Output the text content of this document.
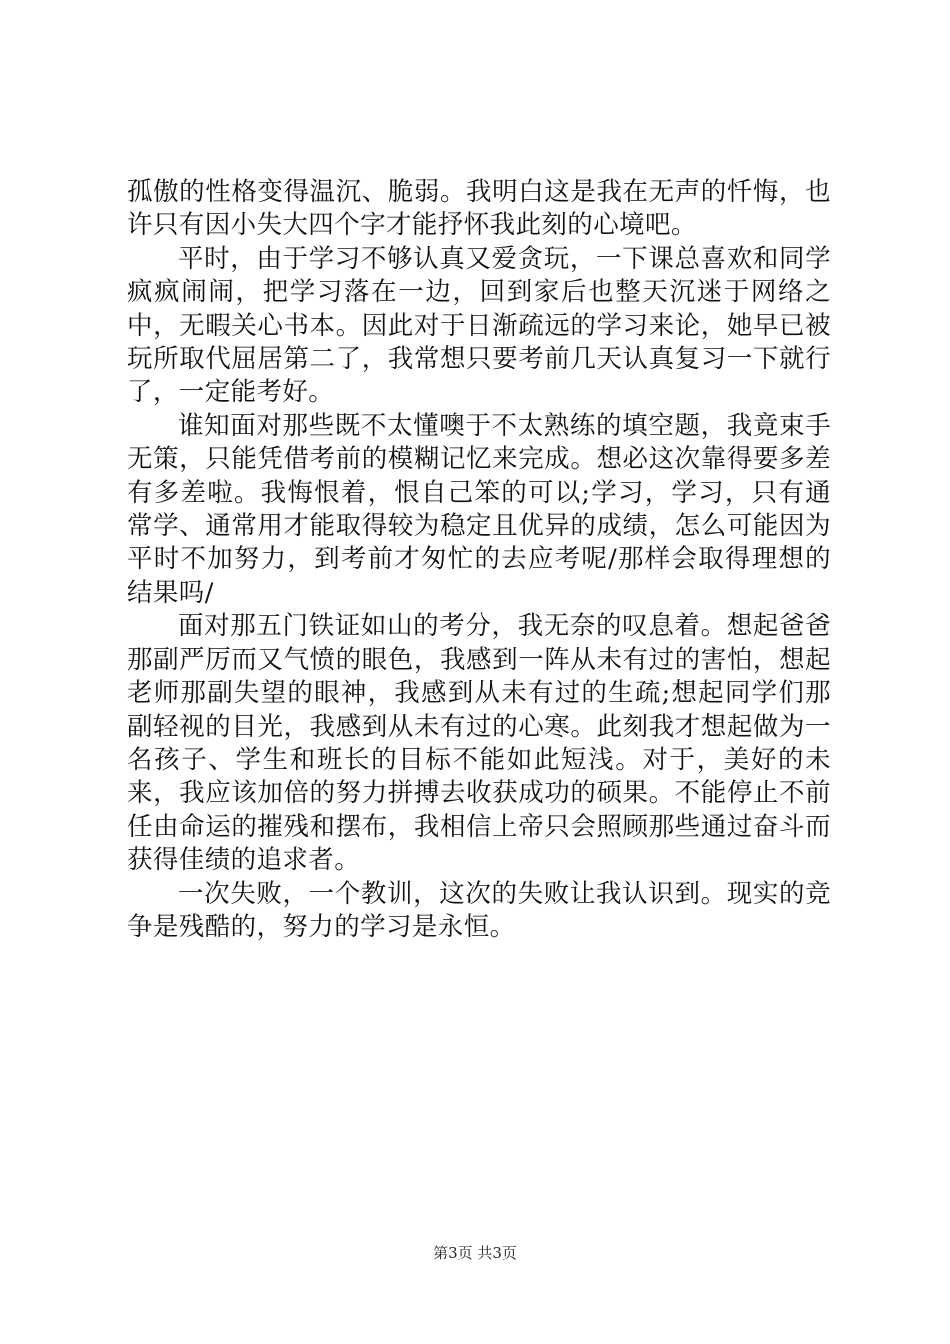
孤傲的性格变得温沉、脆弱。我明白这是我在无声的忏悔，也许只有因小失大四个字才能抒怀我此刻的心境吧。

平时，由于学习不够认真又爱贪玩，一下课总喜欢和同学疯疯闹闹，把学习落在一边，回到家后也整天沉迷于网络之中，无暇关心书本。因此对于日渐疏远的学习来论，她早已被玩所取代屈居第二了，我常想只要考前几天认真复习一下就行了，一定能考好。

谁知面对那些既不太懂噢于不太熟练的填空题，我竟束手无策，只能凭借考前的模糊记忆来完成。想必这次靠得要多差有多差啦。我悔恨着，恨自己笨的可以;学习，学习，只有通常学、通常用才能取得较为稳定且优异的成绩，怎么可能因为平时不加努力，到考前才匆忙的去应考呢/那样会取得理想的结果吗/

面对那五门铁证如山的考分，我无奈的叹息着。想起爸爸那副严厉而又气愤的眼色，我感到一阵从未有过的害怕，想起老师那副失望的眼神，我感到从未有过的生疏;想起同学们那副轻视的目光，我感到从未有过的心寒。此刻我才想起做为一名孩子、学生和班长的目标不能如此短浅。对于，美好的未来，我应该加倍的努力拼搏去收获成功的硕果。不能停止不前任由命运的摧残和摆布，我相信上帝只会照顾那些通过奋斗而获得佳绩的追求者。

一次失败，一个教训，这次的失败让我认识到。现实的竞争是残酷的，努力的学习是永恒。

第3页 共3页
